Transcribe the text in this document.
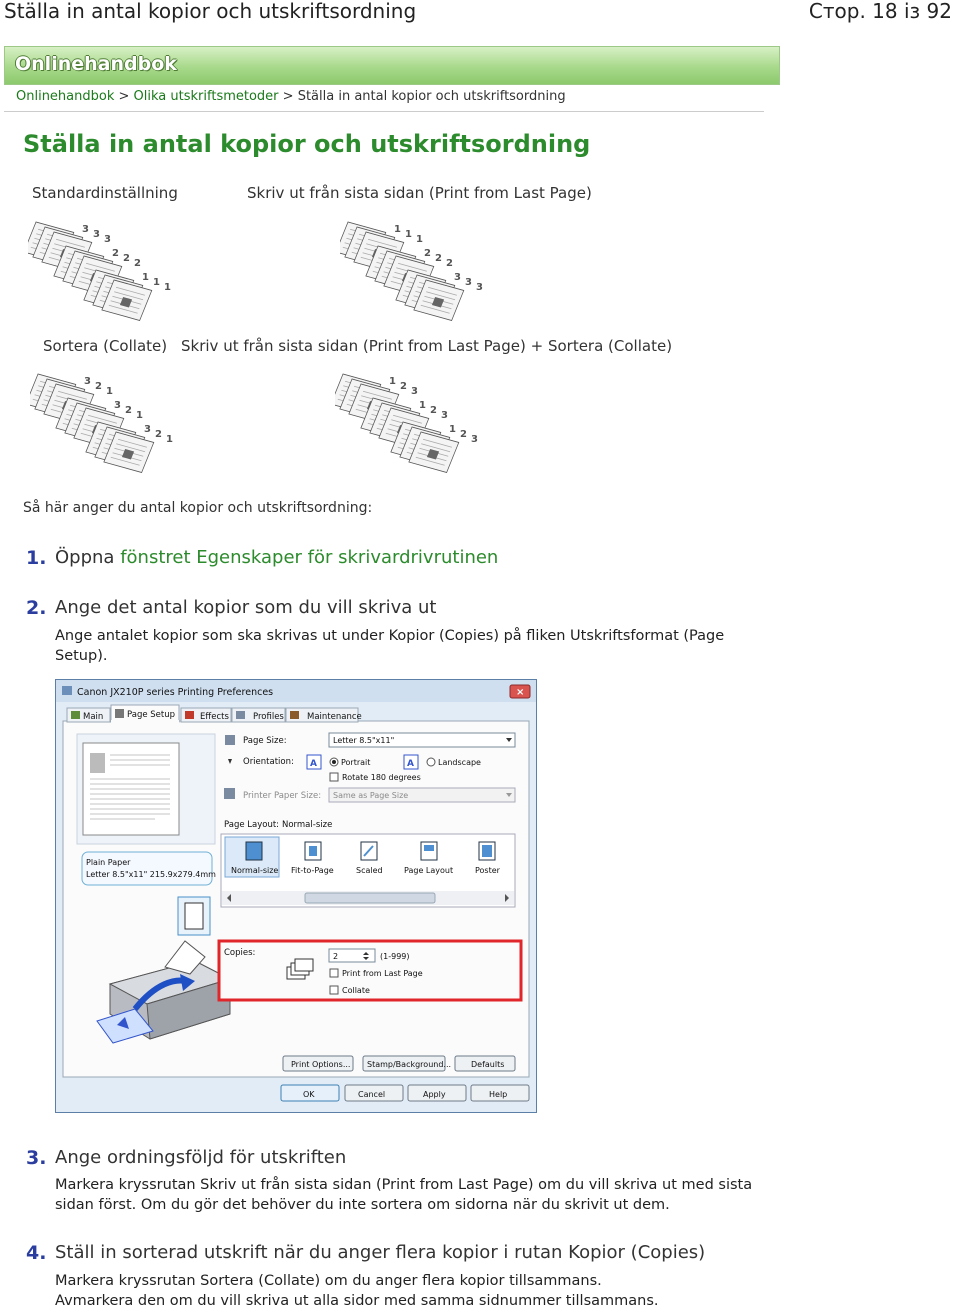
Ställa in antal kopior och utskriftsordning	Стор. 18 із 92
Onlinehandbok
Onlinehandbok > Olika utskriftsmetoder > Ställa in antal kopior och utskriftsordning
Ställa in antal kopior och utskriftsordning
Standardinställning	Skriv ut från sista sidan (Print from Last Page)
Sortera (Collate) Skriv ut från sista sidan (Print from Last Page) + Sortera (Collate)
3 3 3
2 2 2
1 1 1
1 1 1
2 2 2
3 3 3
3 2 1
3 2 1
3 2 1
1 2 3
1 2 3
1 2 3
Så här anger du antal kopior och utskriftsordning:
1. Öppna fönstret Egenskaper för skrivardrivrutinen
2. Ange det antal kopior som du vill skriva ut
Ange antalet kopior som ska skrivas ut under Kopior (Copies) på fliken Utskriftsformat (Page
Setup).
Canon JX210P series Printing Preferences	×
Main	Page Setup	Effects	Profiles	Maintenance
Plain Paper
Letter 8.5"x11" 215.9x279.4mm
Page Size:	Letter 8.5"x11"
Orientation: A	Portrait	A	Landscape
Rotate 180 degrees
Printer Paper Size: Same as Page Size
Page Layout: Normal-size
Normal-size Fit-to-Page	Scaled	Page Layout	Poster
Copies:	2	(1-999)
Print from Last Page
Collate
Print Options... Stamp/Background... Defaults
OK	Cancel	Apply	Help
3. Ange ordningsföljd för utskriften
Markera kryssrutan Skriv ut från sista sidan (Print from Last Page) om du vill skriva ut med sista
sidan först. Om du gör det behöver du inte sortera om sidorna när du skrivit ut dem.
4. Ställ in sorterad utskrift när du anger flera kopior i rutan Kopior (Copies)
Markera kryssrutan Sortera (Collate) om du anger flera kopior tillsammans.
Avmarkera den om du vill skriva ut alla sidor med samma sidnummer tillsammans.
